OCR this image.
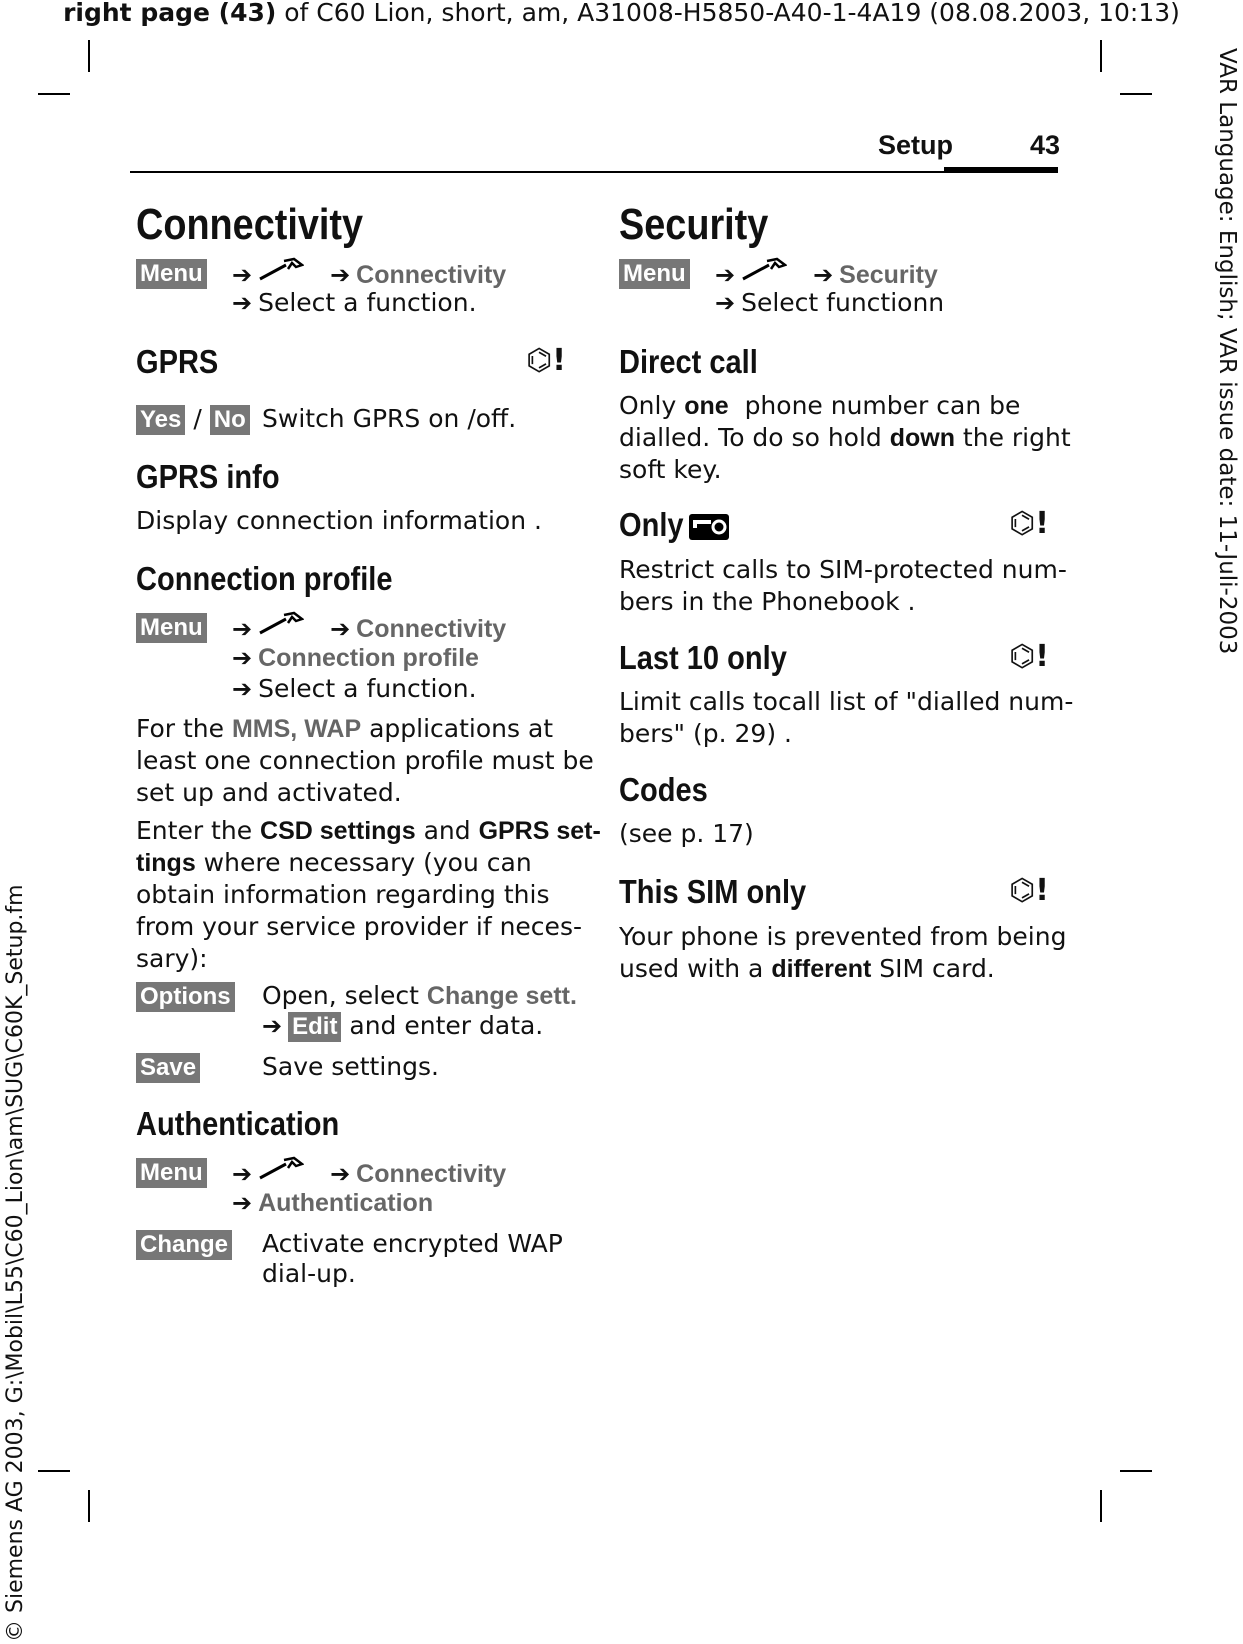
right page (43) of C60 Lion, short, am, A31008-H5850-A40-1-4A19 (08.08.2003, 10:13)
VAR Language: English; VAR issue date: 11-Juli-2003
© Siemens AG 2003, G:\Mobil\L55\C60_Lion\am\SUG\C60K_Setup.fm
Setup	43
Connectivity
Menu ➔	➔ Connectivity
➔ Select a function.
GPRS	⌬!
Yes / No Switch GPRS on /off.
GPRS info
Display connection information .
Connection profile
Menu ➔	➔ Connectivity
➔ Connection profile
➔ Select a function.
For the MMS, WAP applications at
least one connection profile must be
set up and activated.
Enter the CSD settings and GPRS set-
tings where necessary (you can
obtain information regarding this
from your service provider if neces-
sary):
Options Open, select Change sett.
➔ Edit and enter data.
Save	Save settings.
Authentication
Menu ➔	➔ Connectivity
➔ Authentication
Change Activate encrypted WAP
dial-up.
Security
Menu ➔	➔ Security
➔ Select functionn
Direct call
Only one  phone number can be
dialled. To do so hold down the right
soft key.
Only	⌬!
Restrict calls to SIM-protected num-
bers in the Phonebook .
Last 10 only	⌬!
Limit calls tocall list of "dialled num-
bers" (p. 29) .
Codes
(see p. 17)
This SIM only	⌬!
Your phone is prevented from being
used with a different SIM card.
